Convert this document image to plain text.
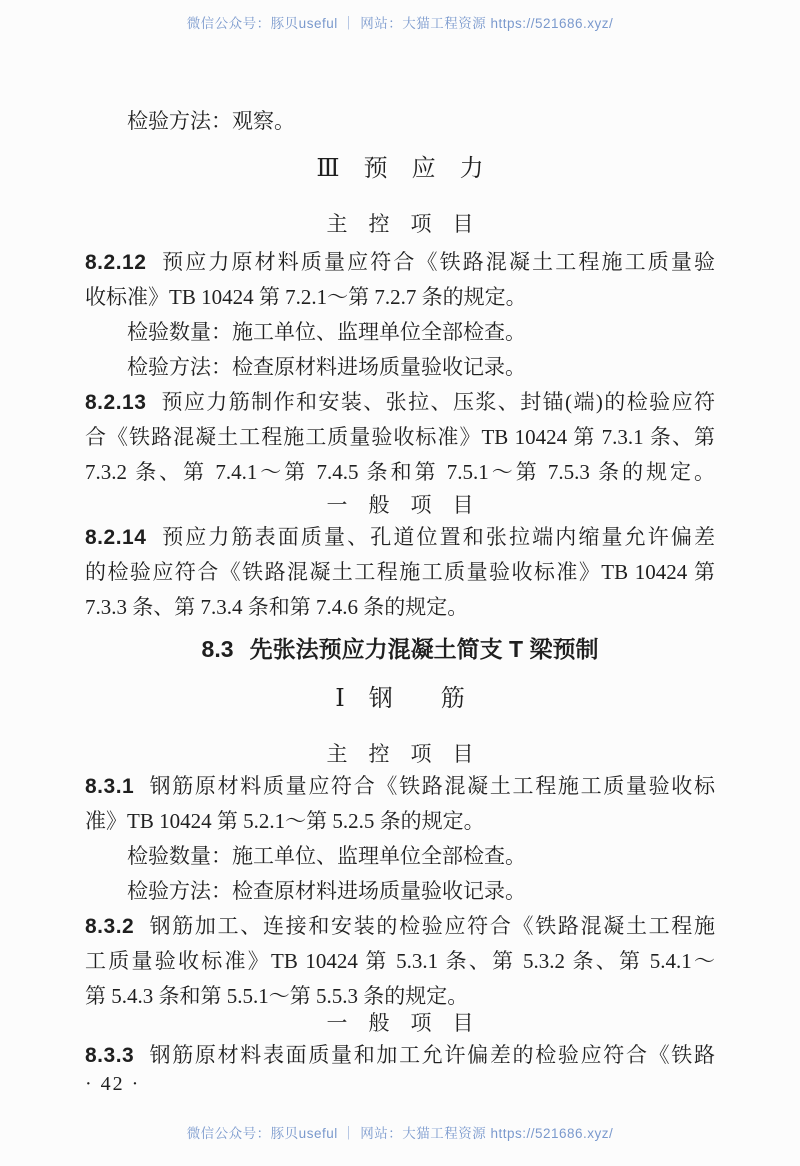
微信公众号：豚贝useful ｜ 网站：大猫工程资源 https://521686.xyz/
检验方法：观察。
Ⅲ　预　应　力
主　控　项　目
8.2.12 预应力原材料质量应符合《铁路混凝土工程施工质量验
收标准》TB 10424 第 7.2.1～第 7.2.7 条的规定。
检验数量：施工单位、监理单位全部检查。
检验方法：检查原材料进场质量验收记录。
8.2.13 预应力筋制作和安装、张拉、压浆、封锚(端)的检验应符
合《铁路混凝土工程施工质量验收标准》TB 10424 第 7.3.1 条、第
7.3.2 条、第 7.4.1～第 7.4.5 条和第 7.5.1～第 7.5.3 条的规定。
一　般　项　目
8.2.14 预应力筋表面质量、孔道位置和张拉端内缩量允许偏差
的检验应符合《铁路混凝土工程施工质量验收标准》TB 10424 第
7.3.3 条、第 7.3.4 条和第 7.4.6 条的规定。
8.3 先张法预应力混凝土简支 T 梁预制
Ⅰ　钢　　筋
主　控　项　目
8.3.1 钢筋原材料质量应符合《铁路混凝土工程施工质量验收标
准》TB 10424 第 5.2.1～第 5.2.5 条的规定。
检验数量：施工单位、监理单位全部检查。
检验方法：检查原材料进场质量验收记录。
8.3.2 钢筋加工、连接和安装的检验应符合《铁路混凝土工程施
工质量验收标准》TB 10424 第 5.3.1 条、第 5.3.2 条、第 5.4.1～
第 5.4.3 条和第 5.5.1～第 5.5.3 条的规定。
一　般　项　目
8.3.3 钢筋原材料表面质量和加工允许偏差的检验应符合《铁路
· 42 ·
微信公众号：豚贝useful ｜ 网站：大猫工程资源 https://521686.xyz/
